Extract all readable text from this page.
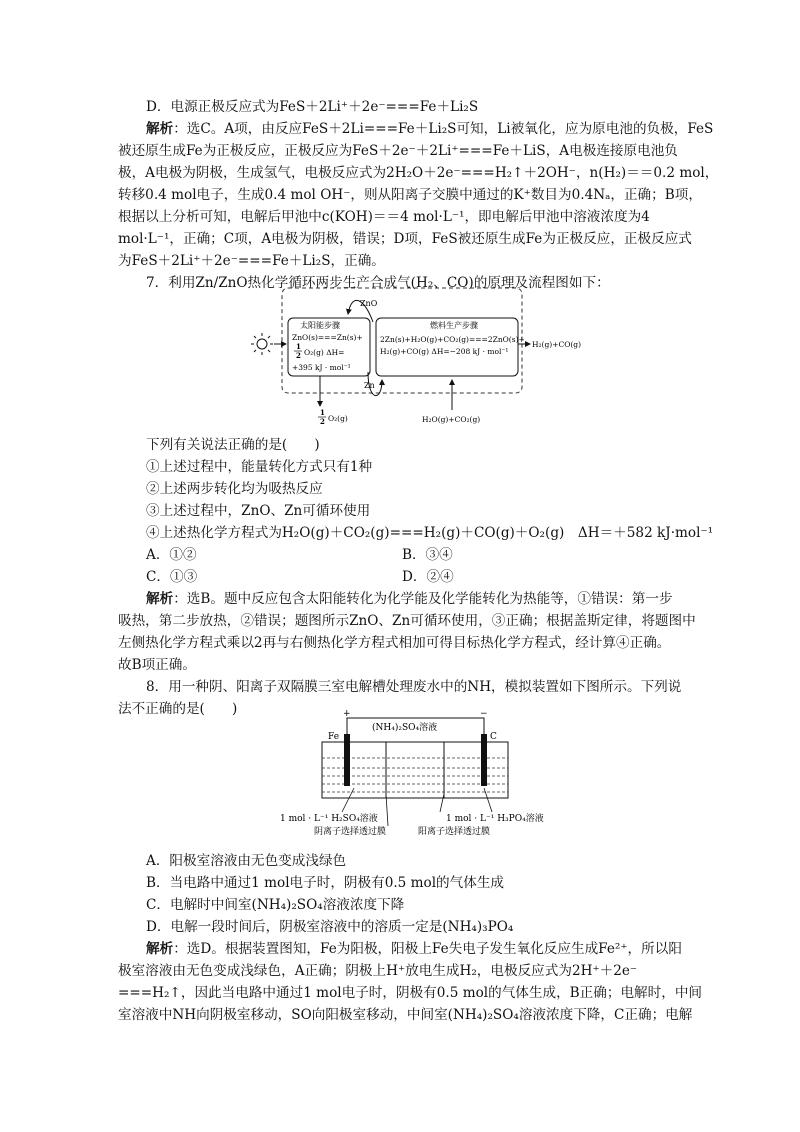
D．电源正极反应式为FeS＋2Li⁺＋2e⁻===Fe＋Li₂S
解析：选C。A项，由反应FeS＋2Li===Fe＋Li₂S可知，Li被氧化，应为原电池的负极，FeS
被还原生成Fe为正极反应，正极反应为FeS＋2e⁻＋2Li⁺===Fe＋LiS，A电极连接原电池负
极，A电极为阴极，生成氢气，电极反应式为2H₂O＋2e⁻===H₂↑＋2OH⁻，n(H₂)＝＝0.2 mol，
转移0.4 mol电子，生成0.4 mol OH⁻，则从阳离子交膜中通过的K⁺数目为0.4Nₐ，正确；B项，
根据以上分析可知，电解后甲池中c(KOH)＝＝4 mol·L⁻¹，即电解后甲池中溶液浓度为4
mol·L⁻¹，正确；C项，A电极为阴极，错误；D项，FeS被还原生成Fe为正极反应，正极反应式
为FeS＋2Li⁺＋2e⁻===Fe＋Li₂S，正确。
7．利用Zn/ZnO热化学循环两步生产合成气(H₂、CO)的原理及流程图如下：
太阳能步骤
ZnO(s)===Zn(s)+
1
2 O₂(g) ΔH=
+395 kJ · mol⁻¹
燃料生产步骤
2Zn(s)+H₂O(g)+CO₂(g)===2ZnO(s)+
H₂(g)+CO(g) ΔH=−208 kJ · mol⁻¹
ZnO
Zn
H₂(g)+CO(g)
1
2 O₂(g)	H₂O(g)+CO₂(g)
下列有关说法正确的是(　　)
①上述过程中，能量转化方式只有1种
②上述两步转化均为吸热反应
③上述过程中，ZnO、Zn可循环使用
④上述热化学方程式为H₂O(g)＋CO₂(g)===H₂(g)＋CO(g)＋O₂(g)　ΔH＝＋582 kJ·mol⁻¹
A．①②	B．③④
C．①③	D．②④
解析：选B。题中反应包含太阳能转化为化学能及化学能转化为热能等，①错误：第一步
吸热，第二步放热，②错误；题图所示ZnO、Zn可循环使用，③正确；根据盖斯定律，将题图中
左侧热化学方程式乘以2再与右侧热化学方程式相加可得目标热化学方程式，经计算④正确。
故B项正确。
8．用一种阴、阳离子双隔膜三室电解槽处理废水中的NH，模拟装置如下图所示。下列说
法不正确的是(　　)	+	−
(NH₄)₂SO₄溶液
Fe	C
1 mol · L⁻¹ H₂SO₄溶液	1 mol · L⁻¹ H₃PO₄溶液
阴离子选择透过膜	阳离子选择透过膜
A．阳极室溶液由无色变成浅绿色
B．当电路中通过1 mol电子时，阴极有0.5 mol的气体生成
C．电解时中间室(NH₄)₂SO₄溶液浓度下降
D．电解一段时间后，阴极室溶液中的溶质一定是(NH₄)₃PO₄
解析：选D。根据装置图知，Fe为阳极，阳极上Fe失电子发生氧化反应生成Fe²⁺，所以阳
极室溶液由无色变成浅绿色，A正确；阴极上H⁺放电生成H₂，电极反应式为2H⁺＋2e⁻
===H₂↑，因此当电路中通过1 mol电子时，阴极有0.5 mol的气体生成，B正确；电解时，中间
室溶液中NH向阴极室移动，SO向阳极室移动，中间室(NH₄)₂SO₄溶液浓度下降，C正确；电解
